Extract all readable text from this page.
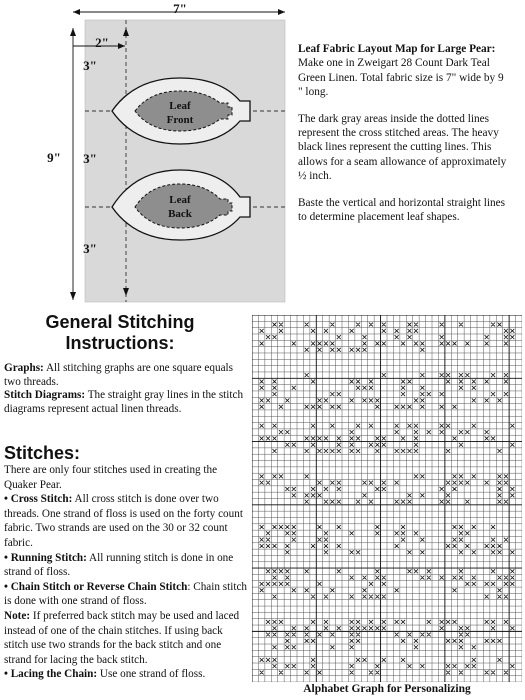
7"
2"
9"
3"
3"
3"
Leaf
Front
Leaf
Back

Leaf Fabric Layout Map for Large Pear: Make one in Zweigart 28 Count Dark Teal Green Linen. Total fabric size is 7" wide by 9 " long.

The dark gray areas inside the dotted lines represent the cross stitched areas. The heavy black lines represent the cutting lines. This allows for a seam allowance of approximately ½ inch.

Baste the vertical and horizontal straight lines to determine placement leaf shapes.

General Stitching Instructions:

Graphs: All stitching graphs are one square equals two threads.

Stitch Diagrams: The straight gray lines in the stitch diagrams represent actual linen threads.

Stitches:

There are only four stitches used in creating the Quaker Pear.

• Cross Stitch: All cross stitch is done over two threads. One strand of floss is used on the forty count fabric. Two strands are used on the 30 or 32 count fabric.

• Running Stitch: All running stitch is done in one strand of floss.

• Chain Stitch or Reverse Chain Stitch: Chain stitch is done with one strand of floss.

Note: If preferred back stitch may be used and laced instead of one of the chain stitches. If using back stitch use two strands for the back stitch and one strand for lacing the back stitch.

• Lacing the Chain: Use one strand of floss.

Alphabet Graph for Personalizing
